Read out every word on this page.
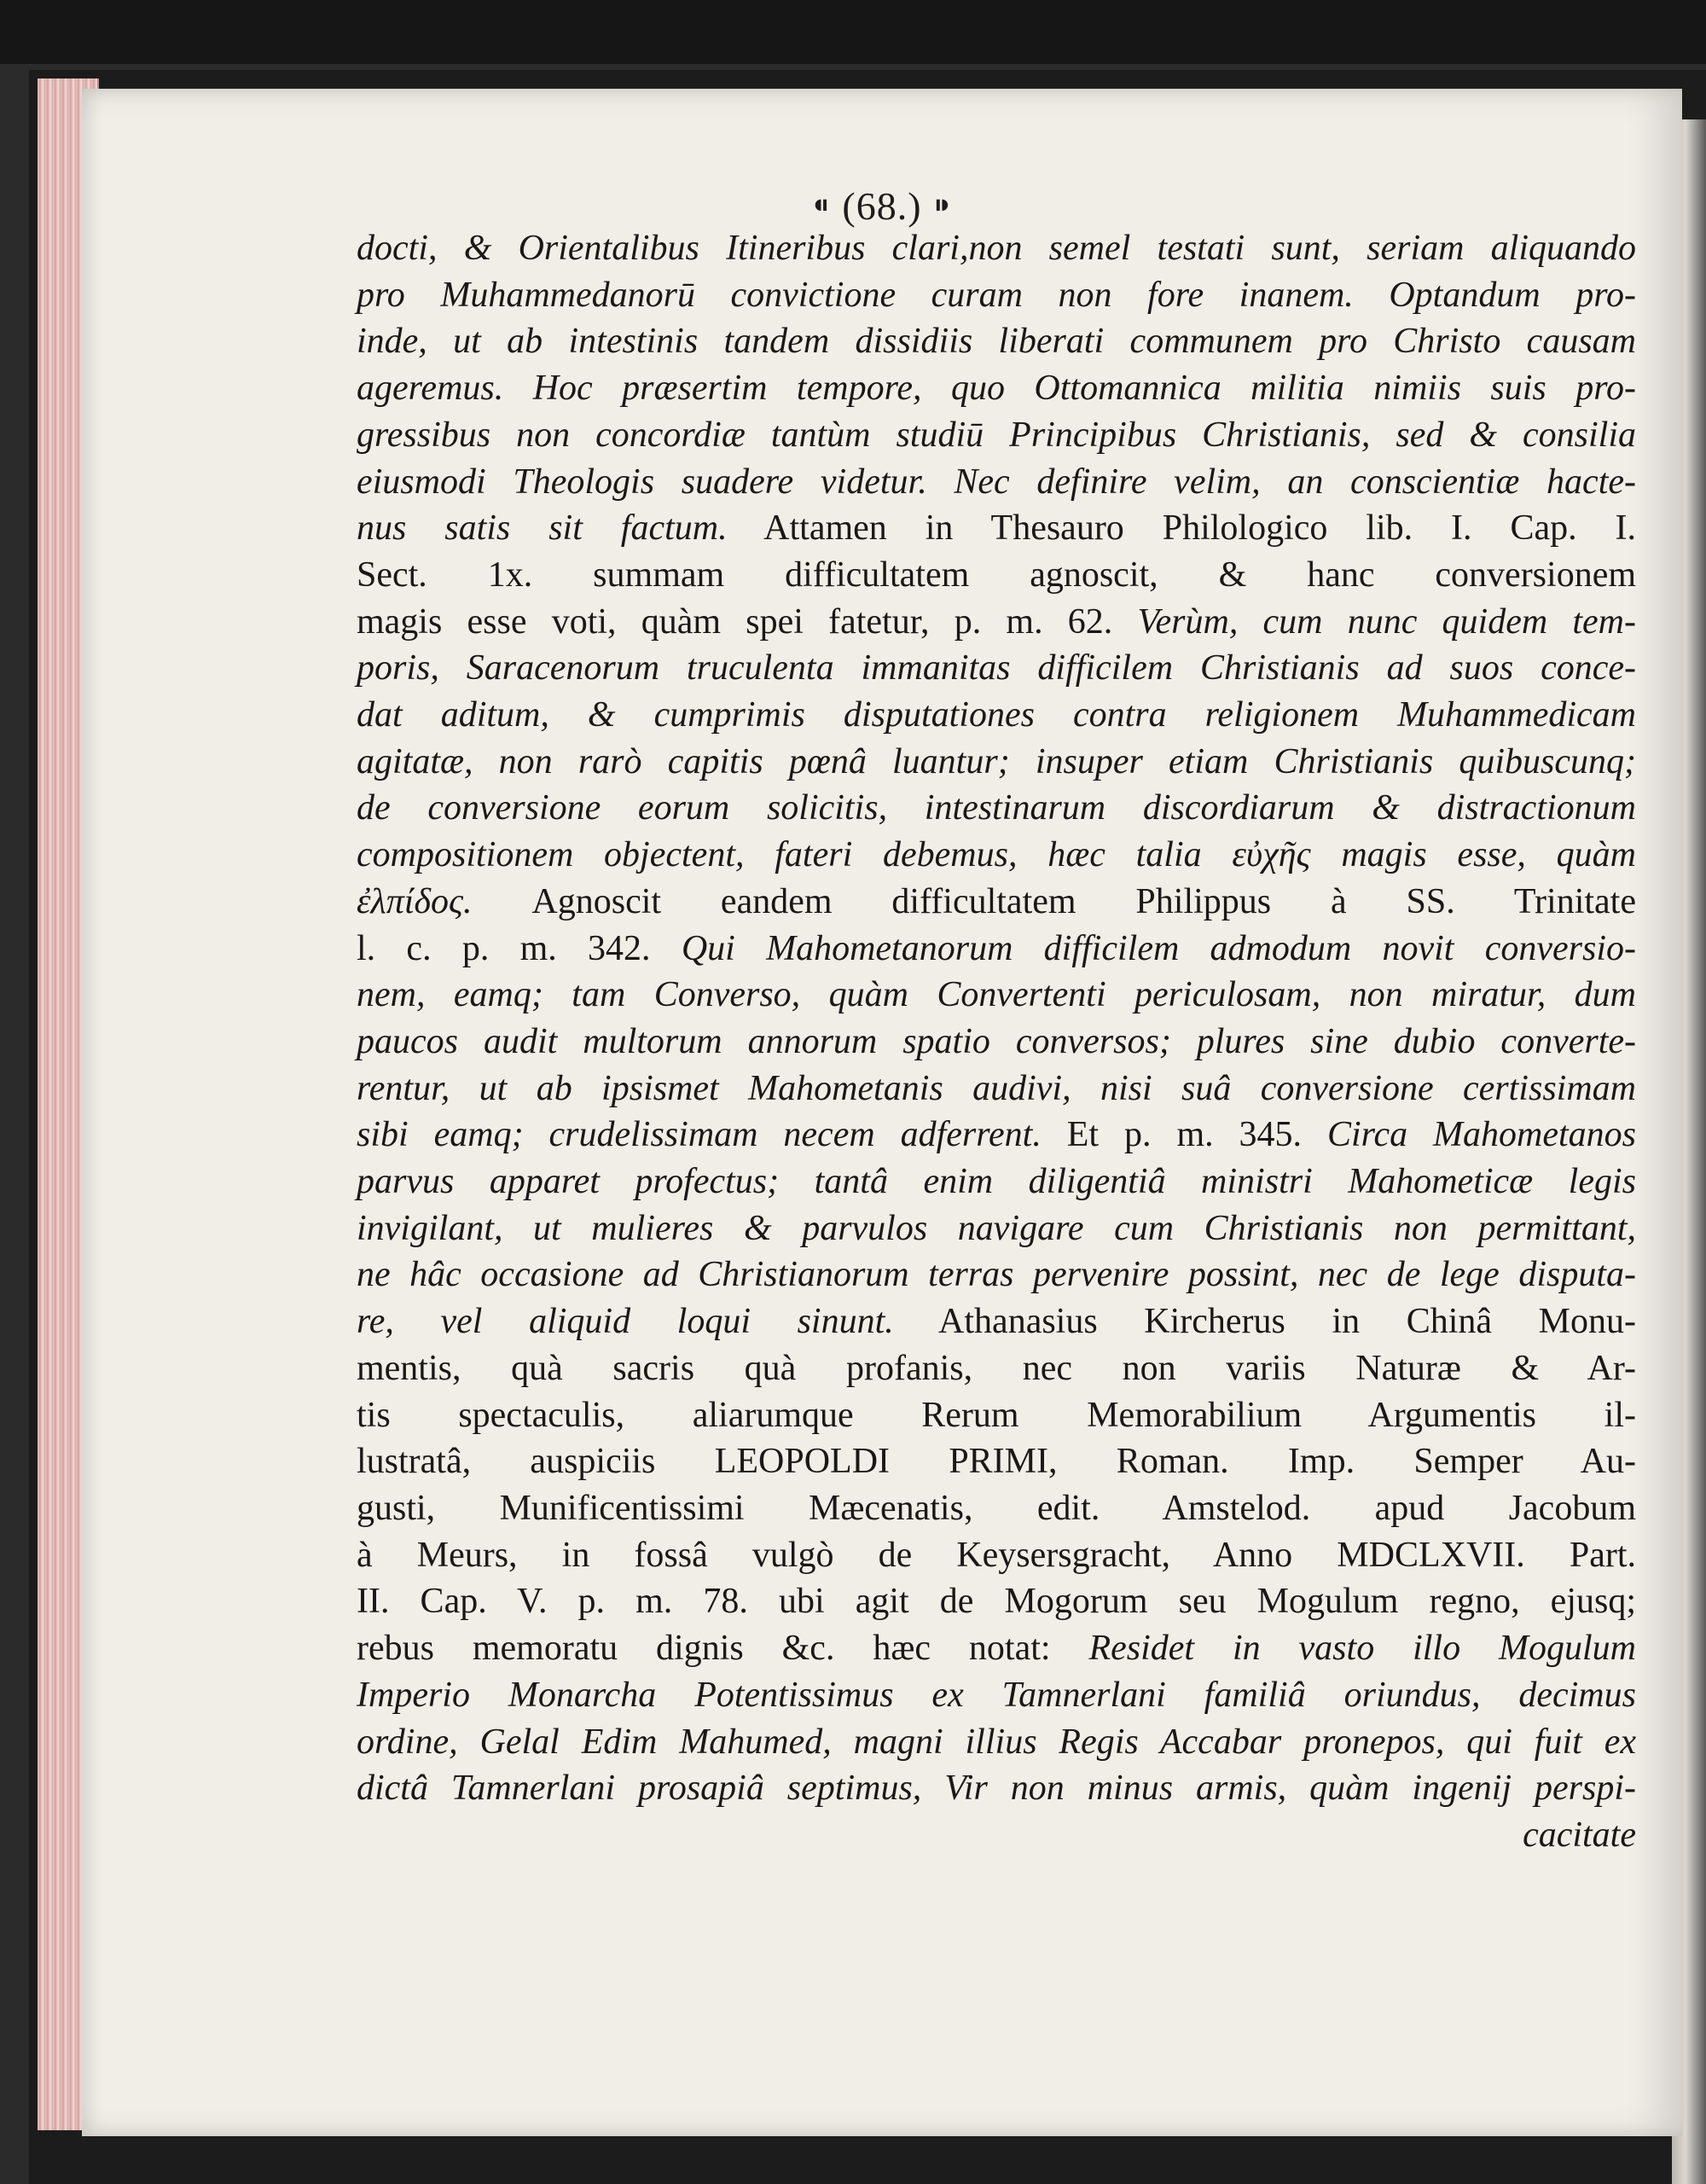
⁌ (68.) ⁍
docti, & Orientalibus Itineribus clari,non semel testati sunt, seriam aliquando
pro Muhammedanorū convictione curam non fore inanem. Optandum pro-
inde, ut ab intestinis tandem dissidiis liberati communem pro Christo causam
ageremus. Hoc præsertim tempore, quo Ottomannica militia nimiis suis pro-
gressibus non concordiæ tantùm studiū Principibus Christianis, sed & consilia
eiusmodi Theologis suadere videtur. Nec definire velim, an conscientiæ hacte-
nus satis sit factum. Attamen in Thesauro Philologico lib. I. Cap. I.
Sect. 1x. summam difficultatem agnoscit, & hanc conversionem
magis esse voti, quàm spei fatetur, p. m. 62. Verùm, cum nunc quidem tem-
poris, Saracenorum truculenta immanitas difficilem Christianis ad suos conce-
dat aditum, & cumprimis disputationes contra religionem Muhammedicam
agitatæ, non rarò capitis pœnâ luantur; insuper etiam Christianis quibuscunq;
de conversione eorum solicitis, intestinarum discordiarum & distractionum
compositionem objectent, fateri debemus, hæc talia εὐχῆς magis esse, quàm
ἐλπίδος. Agnoscit eandem difficultatem Philippus à SS. Trinitate
l. c. p. m. 342. Qui Mahometanorum difficilem admodum novit conversio-
nem, eamq; tam Converso, quàm Convertenti periculosam, non miratur, dum
paucos audit multorum annorum spatio conversos; plures sine dubio converte-
rentur, ut ab ipsismet Mahometanis audivi, nisi suâ conversione certissimam
sibi eamq; crudelissimam necem adferrent. Et p. m. 345. Circa Mahometanos
parvus apparet profectus; tantâ enim diligentiâ ministri Mahometicæ legis
invigilant, ut mulieres & parvulos navigare cum Christianis non permittant,
ne hâc occasione ad Christianorum terras pervenire possint, nec de lege disputa-
re, vel aliquid loqui sinunt. Athanasius Kircherus in Chinâ Monu-
mentis, quà sacris quà profanis, nec non variis Naturæ & Ar-
tis spectaculis, aliarumque Rerum Memorabilium Argumentis il-
lustratâ, auspiciis LEOPOLDI PRIMI, Roman. Imp. Semper Au-
gusti, Munificentissimi Mæcenatis, edit. Amstelod. apud Jacobum
à Meurs, in fossâ vulgò de Keysersgracht, Anno MDCLXVII. Part.
II. Cap. V. p. m. 78. ubi agit de Mogorum seu Mogulum regno, ejusq;
rebus memoratu dignis &c. hæc notat: Residet in vasto illo Mogulum
Imperio Monarcha Potentissimus ex Tamnerlani familiâ oriundus, decimus
ordine, Gelal Edim Mahumed, magni illius Regis Accabar pronepos, qui fuit ex
dictâ Tamnerlani prosapiâ septimus, Vir non minus armis, quàm ingenij perspi-
cacitate
